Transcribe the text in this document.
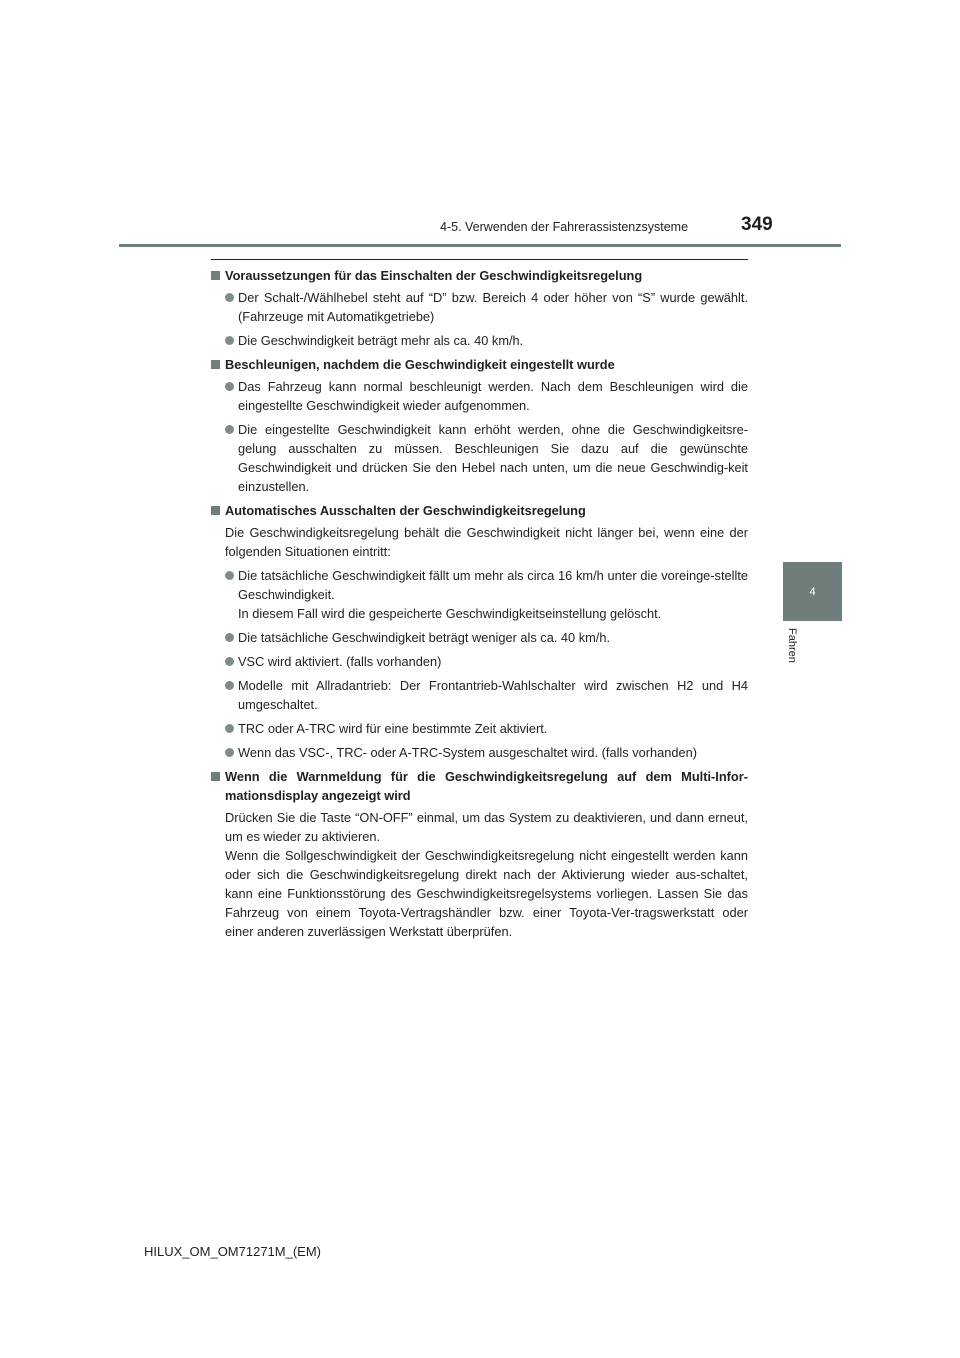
4-5. Verwenden der Fahrerassistenzsysteme	349
4
Fahren
Voraussetzungen für das Einschalten der Geschwindigkeitsregelung
Der Schalt-/Wählhebel steht auf “D” bzw. Bereich 4 oder höher von “S” wurde gewählt. (Fahrzeuge mit Automatikgetriebe)
Die Geschwindigkeit beträgt mehr als ca. 40 km/h.
Beschleunigen, nachdem die Geschwindigkeit eingestellt wurde
Das Fahrzeug kann normal beschleunigt werden. Nach dem Beschleunigen wird die eingestellte Geschwindigkeit wieder aufgenommen.
Die eingestellte Geschwindigkeit kann erhöht werden, ohne die Geschwindigkeitsre-gelung ausschalten zu müssen. Beschleunigen Sie dazu auf die gewünschte Geschwindigkeit und drücken Sie den Hebel nach unten, um die neue Geschwindig-keit einzustellen.
Automatisches Ausschalten der Geschwindigkeitsregelung
Die Geschwindigkeitsregelung behält die Geschwindigkeit nicht länger bei, wenn eine der folgenden Situationen eintritt:
Die tatsächliche Geschwindigkeit fällt um mehr als circa 16 km/h unter die voreinge-stellte Geschwindigkeit.
In diesem Fall wird die gespeicherte Geschwindigkeitseinstellung gelöscht.
Die tatsächliche Geschwindigkeit beträgt weniger als ca. 40 km/h.
VSC wird aktiviert. (falls vorhanden)
Modelle mit Allradantrieb: Der Frontantrieb-Wahlschalter wird zwischen H2 und H4 umgeschaltet.
TRC oder A-TRC wird für eine bestimmte Zeit aktiviert.
Wenn das VSC-, TRC- oder A-TRC-System ausgeschaltet wird. (falls vorhanden)
Wenn die Warnmeldung für die Geschwindigkeitsregelung auf dem Multi-Infor-mationsdisplay angezeigt wird
Drücken Sie die Taste “ON-OFF” einmal, um das System zu deaktivieren, und dann erneut, um es wieder zu aktivieren.
Wenn die Sollgeschwindigkeit der Geschwindigkeitsregelung nicht eingestellt werden kann oder sich die Geschwindigkeitsregelung direkt nach der Aktivierung wieder aus-schaltet, kann eine Funktionsstörung des Geschwindigkeitsregelsystems vorliegen. Lassen Sie das Fahrzeug von einem Toyota-Vertragshändler bzw. einer Toyota-Ver-tragswerkstatt oder einer anderen zuverlässigen Werkstatt überprüfen.
HILUX_OM_OM71271M_(EM)
